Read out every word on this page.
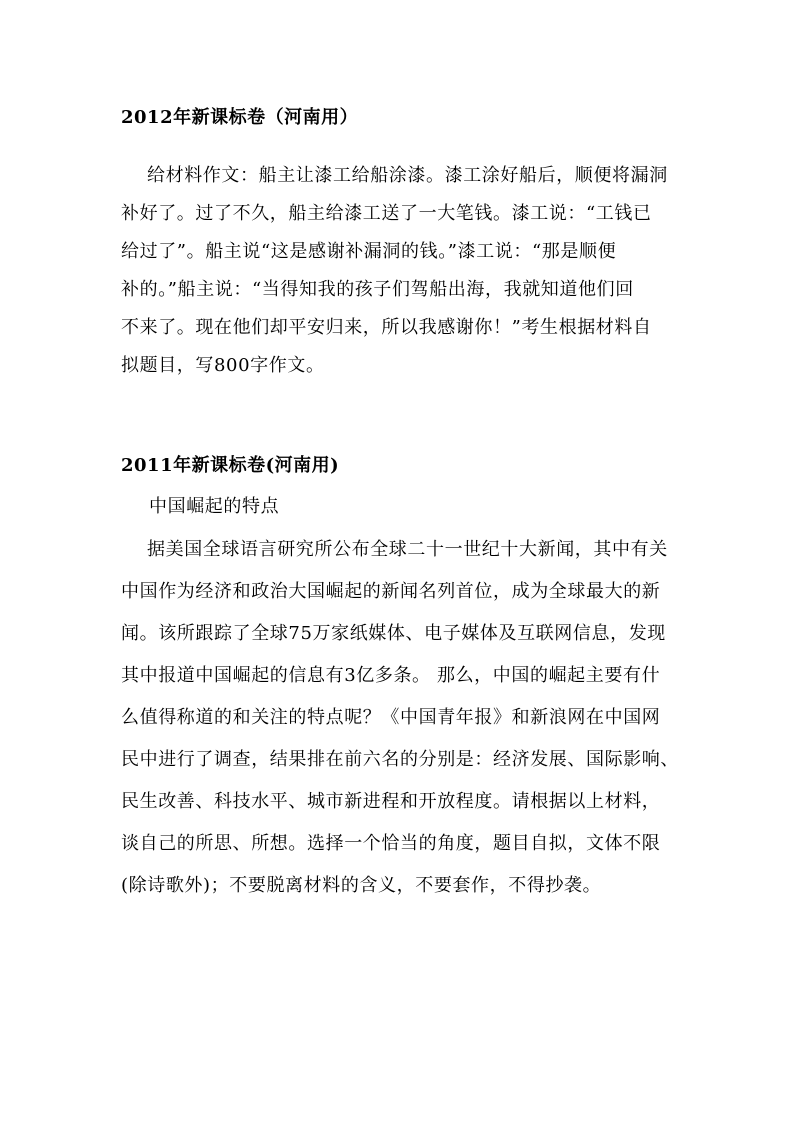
2012年新课标卷（河南用）
给材料作文：船主让漆工给船涂漆。漆工涂好船后，顺便将漏洞
补好了。过了不久，船主给漆工送了一大笔钱。漆工说：“工钱已
给过了”。船主说“这是感谢补漏洞的钱。”漆工说：“那是顺便
补的。”船主说：“当得知我的孩子们驾船出海，我就知道他们回
不来了。现在他们却平安归来，所以我感谢你！”考生根据材料自
拟题目，写800字作文。
2011年新课标卷(河南用)
中国崛起的特点
据美国全球语言研究所公布全球二十一世纪十大新闻，其中有关
中国作为经济和政治大国崛起的新闻名列首位，成为全球最大的新
闻。该所跟踪了全球75万家纸媒体、电子媒体及互联网信息，发现
其中报道中国崛起的信息有3亿多条。 那么，中国的崛起主要有什
么值得称道的和关注的特点呢？《中国青年报》和新浪网在中国网
民中进行了调查，结果排在前六名的分别是：经济发展、国际影响、
民生改善、科技水平、城市新进程和开放程度。请根据以上材料，
谈自己的所思、所想。选择一个恰当的角度，题目自拟，文体不限
(除诗歌外)；不要脱离材料的含义，不要套作，不得抄袭。
